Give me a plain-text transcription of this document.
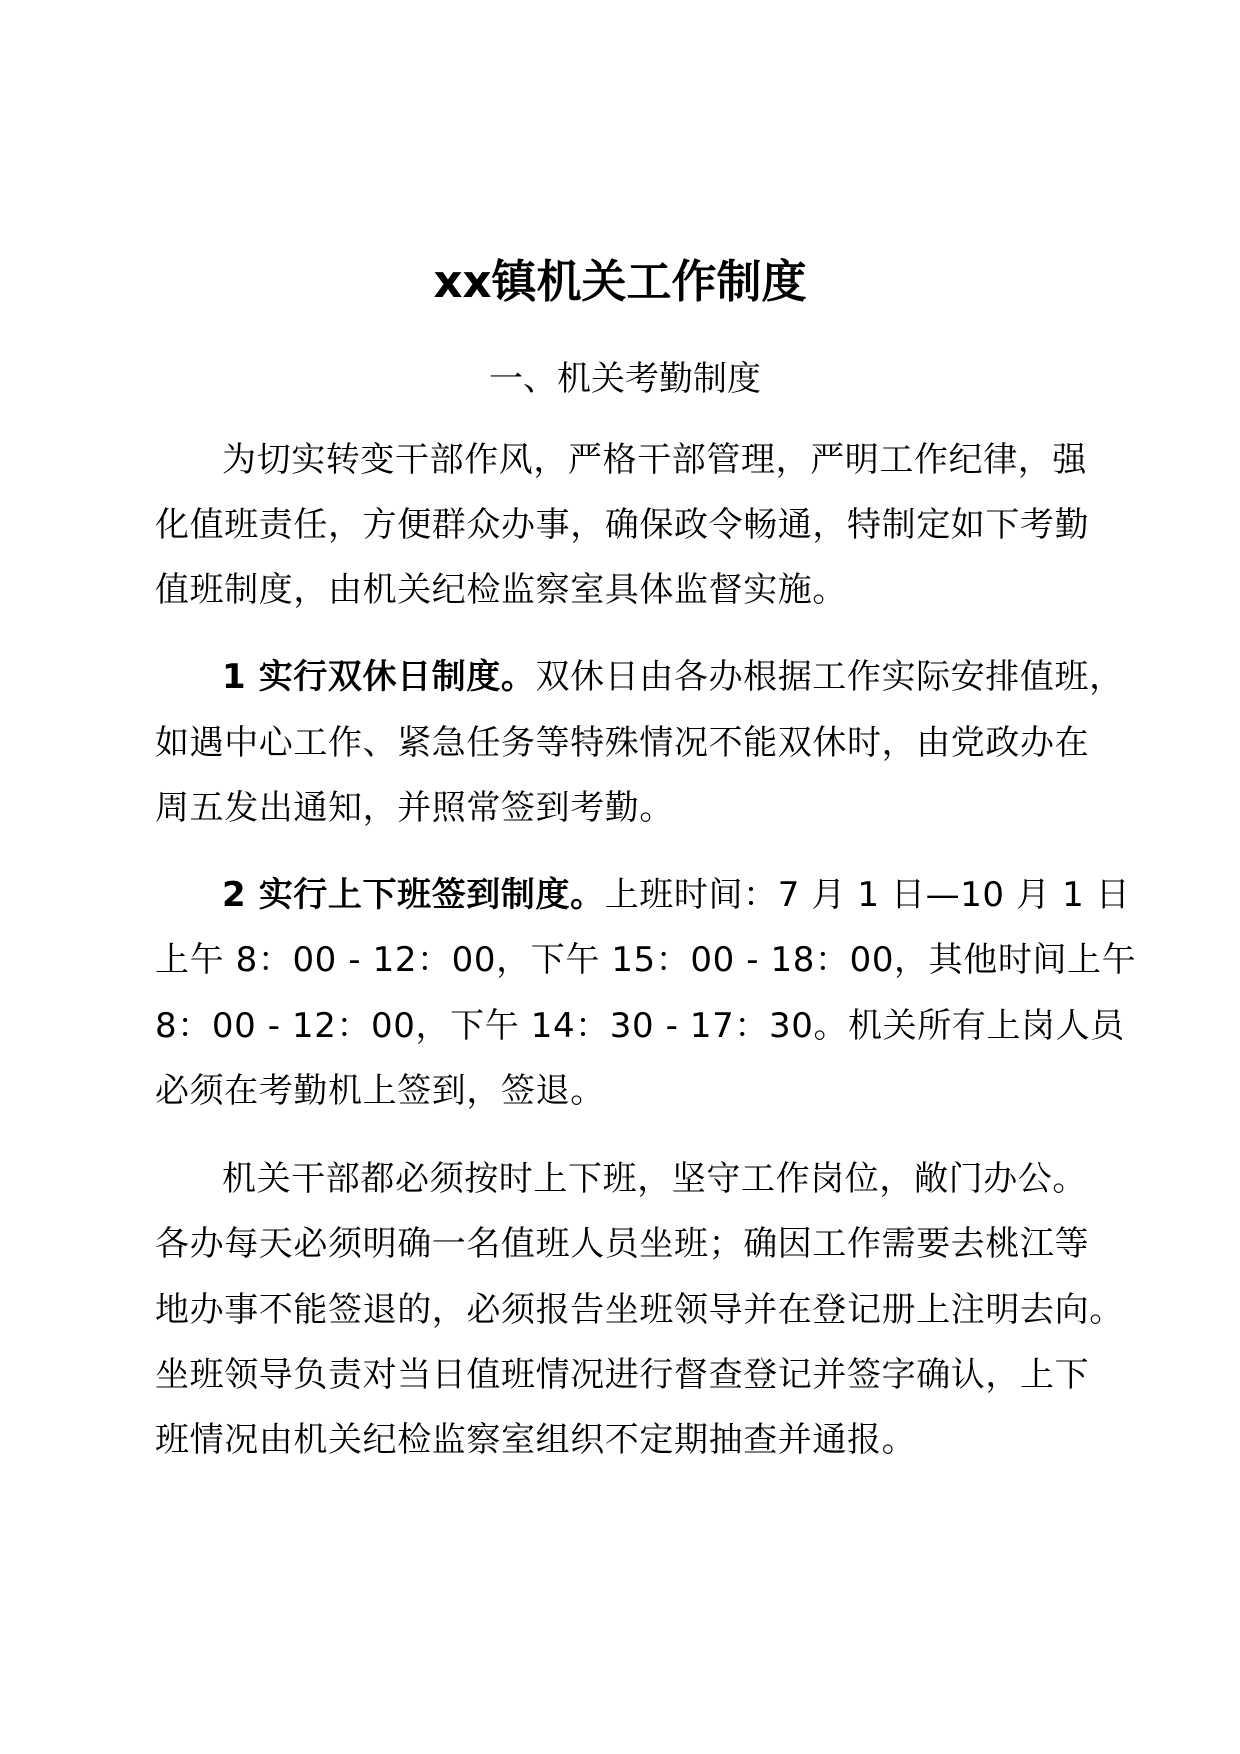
xx镇机关工作制度
一、机关考勤制度
为切实转变干部作风，严格干部管理，严明工作纪律，强
化值班责任，方便群众办事，确保政令畅通，特制定如下考勤
值班制度，由机关纪检监察室具体监督实施。
1 实行双休日制度。双休日由各办根据工作实际安排值班，
如遇中心工作、紧急任务等特殊情况不能双休时，由党政办在
周五发出通知，并照常签到考勤。
2 实行上下班签到制度。上班时间：7 月 1 日—10 月 1 日
上午 8：00 - 12：00，下午 15：00 - 18：00，其他时间上午
8：00 - 12：00，下午 14：30 - 17：30。机关所有上岗人员
必须在考勤机上签到，签退。
机关干部都必须按时上下班，坚守工作岗位，敞门办公。
各办每天必须明确一名值班人员坐班；确因工作需要去桃江等
地办事不能签退的，必须报告坐班领导并在登记册上注明去向。
坐班领导负责对当日值班情况进行督查登记并签字确认，上下
班情况由机关纪检监察室组织不定期抽查并通报。
